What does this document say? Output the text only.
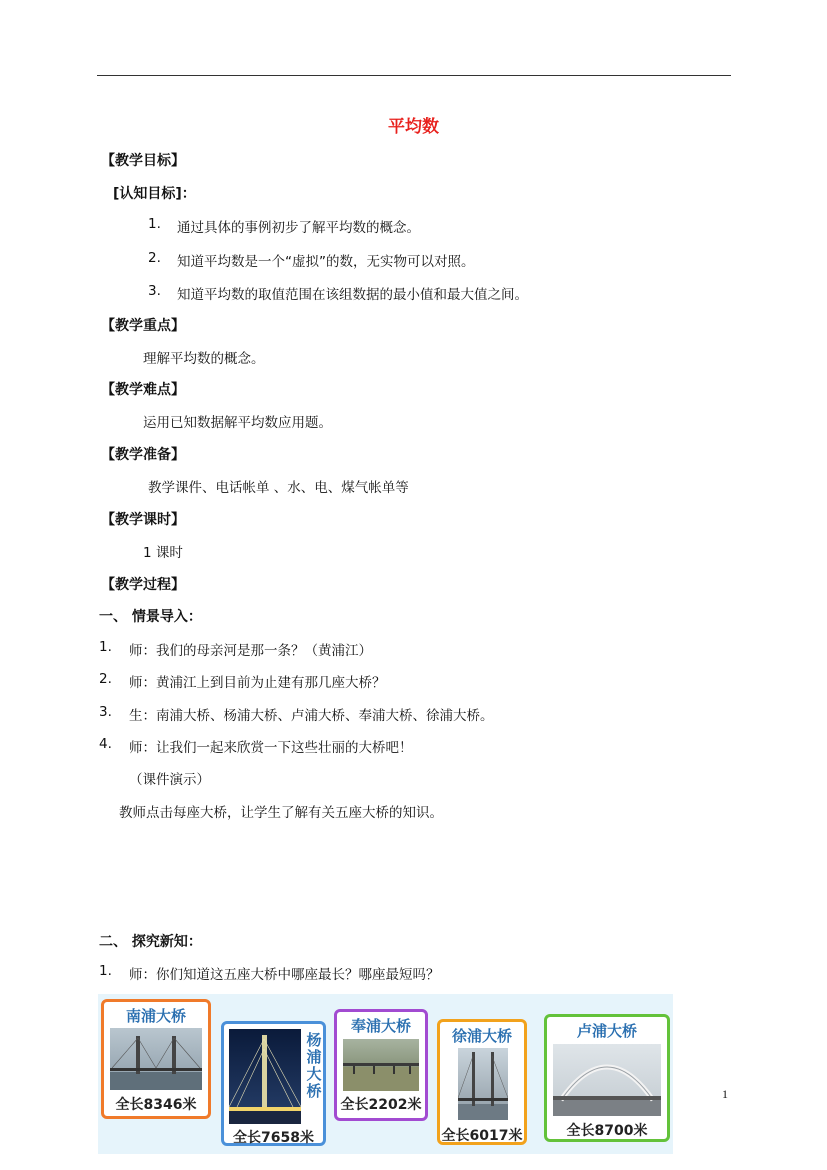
平均数
【教学目标】
[认知目标]：
1. 通过具体的事例初步了解平均数的概念。
2. 知道平均数是一个“虚拟”的数，无实物可以对照。
3. 知道平均数的取值范围在该组数据的最小值和最大值之间。
【教学重点】
理解平均数的概念。
【教学难点】
运用已知数据解平均数应用题。
【教学准备】
教学课件、电话帐单 、水、电、煤气帐单等
【教学课时】
1 课时
【教学过程】
一、 情景导入：
1. 师：我们的母亲河是那一条？（黄浦江）
2. 师：黄浦江上到目前为止建有那几座大桥？
3. 生：南浦大桥、杨浦大桥、卢浦大桥、奉浦大桥、徐浦大桥。
4. 师：让我们一起来欣赏一下这些壮丽的大桥吧！
（课件演示）
教师点击每座大桥，让学生了解有关五座大桥的知识。
二、 探究新知：
1. 师：你们知道这五座大桥中哪座最长？哪座最短吗？
南浦大桥
全长8346米
杨浦大桥
全长7658米
奉浦大桥
全长2202米
徐浦大桥
全长6017米
卢浦大桥
全长8700米
1
